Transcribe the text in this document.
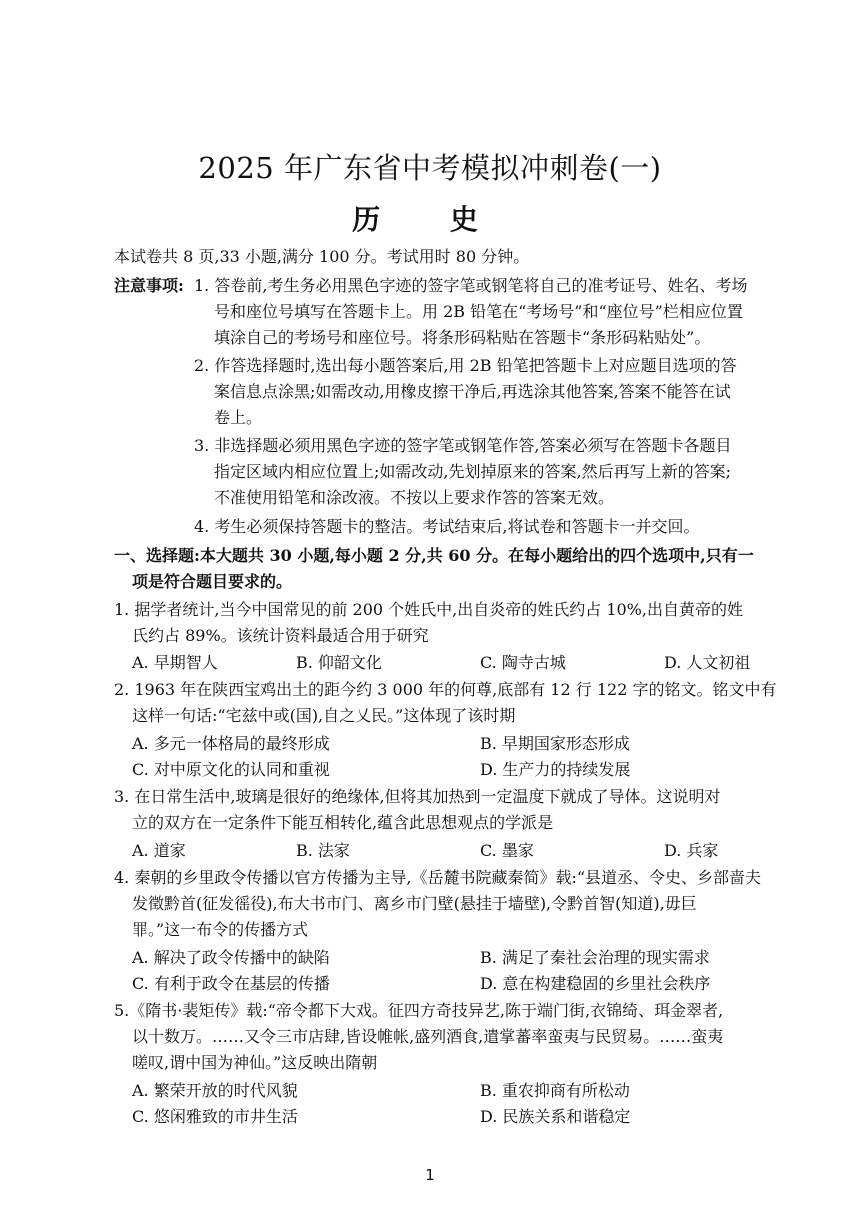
2025 年广东省中考模拟冲刺卷(一)
历 史
本试卷共 8 页,33 小题,满分 100 分。考试用时 80 分钟。
注意事项: 1. 答卷前,考生务必用黑色字迹的签字笔或钢笔将自己的准考证号、姓名、考场
号和座位号填写在答题卡上。用 2B 铅笔在“考场号”和“座位号”栏相应位置
填涂自己的考场号和座位号。将条形码粘贴在答题卡“条形码粘贴处”。
2. 作答选择题时,选出每小题答案后,用 2B 铅笔把答题卡上对应题目选项的答
案信息点涂黑;如需改动,用橡皮擦干净后,再选涂其他答案,答案不能答在试
卷上。
3. 非选择题必须用黑色字迹的签字笔或钢笔作答,答案必须写在答题卡各题目
指定区域内相应位置上;如需改动,先划掉原来的答案,然后再写上新的答案;
不准使用铅笔和涂改液。不按以上要求作答的答案无效。
4. 考生必须保持答题卡的整洁。考试结束后,将试卷和答题卡一并交回。
一、选择题:本大题共 30 小题,每小题 2 分,共 60 分。在每小题给出的四个选项中,只有一
项是符合题目要求的。
1. 据学者统计,当今中国常见的前 200 个姓氏中,出自炎帝的姓氏约占 10%,出自黄帝的姓
氏约占 89%。该统计资料最适合用于研究
A. 早期智人	B. 仰韶文化	C. 陶寺古城	D. 人文初祖
2. 1963 年在陕西宝鸡出土的距今约 3 000 年的何尊,底部有 12 行 122 字的铭文。铭文中有
这样一句话:“宅兹中或(国),自之乂民。”这体现了该时期
A. 多元一体格局的最终形成	B. 早期国家形态形成
C. 对中原文化的认同和重视	D. 生产力的持续发展
3. 在日常生活中,玻璃是很好的绝缘体,但将其加热到一定温度下就成了导体。这说明对
立的双方在一定条件下能互相转化,蕴含此思想观点的学派是
A. 道家	B. 法家	C. 墨家	D. 兵家
4. 秦朝的乡里政令传播以官方传播为主导,《岳麓书院藏秦简》载:“县道丞、令史、乡部啬夫
发徵黔首(征发徭役),布大书市门、离乡市门壁(悬挂于墙壁),令黔首智(知道),毋巨
罪。”这一布令的传播方式
A. 解决了政令传播中的缺陷	B. 满足了秦社会治理的现实需求
C. 有利于政令在基层的传播	D. 意在构建稳固的乡里社会秩序
5.《隋书·裴矩传》载:“帝令都下大戏。征四方奇技异艺,陈于端门街,衣锦绮、珥金翠者,
以十数万。……又令三市店肆,皆设帷帐,盛列酒食,遣掌蕃率蛮夷与民贸易。……蛮夷
嗟叹,谓中国为神仙。”这反映出隋朝
A. 繁荣开放的时代风貌	B. 重农抑商有所松动
C. 悠闲雅致的市井生活	D. 民族关系和谐稳定
1
